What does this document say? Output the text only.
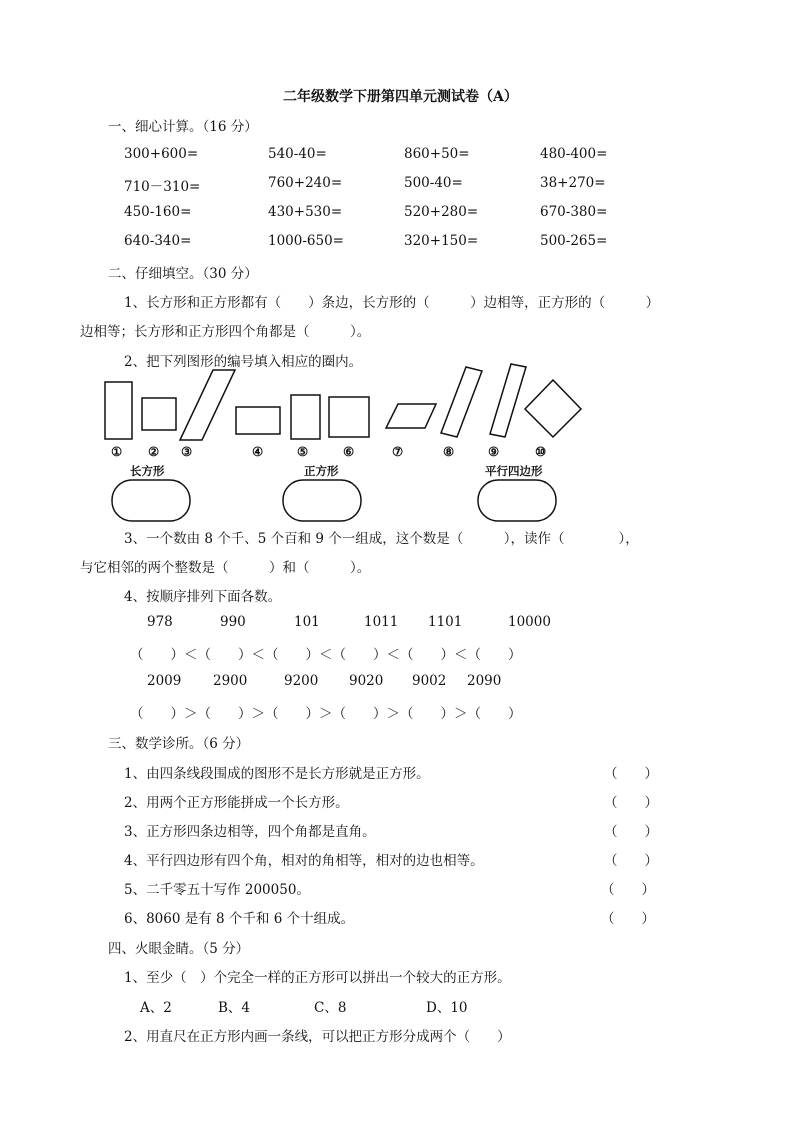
二年级数学下册第四单元测试卷（A）
一、细心计算。（16 分）
300+600=	540-40=	860+50=	480-400=
710－310=	760+240=	500-40=	38+270=
450-160=	430+530=	520+280=	670-380=
640-340=	1000-650=	320+150=	500-265=
二、仔细填空。（30 分）
1、长方形和正方形都有（　　）条边，长方形的（　　　）边相等，正方形的（　　　）
边相等；长方形和正方形四个角都是（　　　）。
2、把下列图形的编号填入相应的圈内。
① ② ③	④	⑤	⑥	⑦	⑧	⑨	⑩
长方形	正方形	平行四边形
3、一个数由 8 个千、5 个百和 9 个一组成，这个数是（　　　），读作（　　　　），
与它相邻的两个整数是（　　　）和（　　　）。
4、按顺序排列下面各数。
978	990	101	1011 1101	10000
（　　）＜（　　）＜（　　）＜（　　）＜（　　）＜（　　）
2009 2900	9200 9020 9002 2090
（　　）＞（　　）＞（　　）＞（　　）＞（　　）＞（　　）
三、数学诊所。（6 分）
1、由四条线段围成的图形不是长方形就是正方形。	（　　）
2、用两个正方形能拼成一个长方形。	（　　）
3、正方形四条边相等，四个角都是直角。	（　　）
4、平行四边形有四个角，相对的角相等，相对的边也相等。	（　　）
5、二千零五十写作 200050。	（　　）
6、8060 是有 8 个千和 6 个十组成。	（　　）
四、火眼金睛。（5 分）
1、至少（　）个完全一样的正方形可以拼出一个较大的正方形。
A、2	B、4	C、8	D、10
2、用直尺在正方形内画一条线，可以把正方形分成两个（　　）
